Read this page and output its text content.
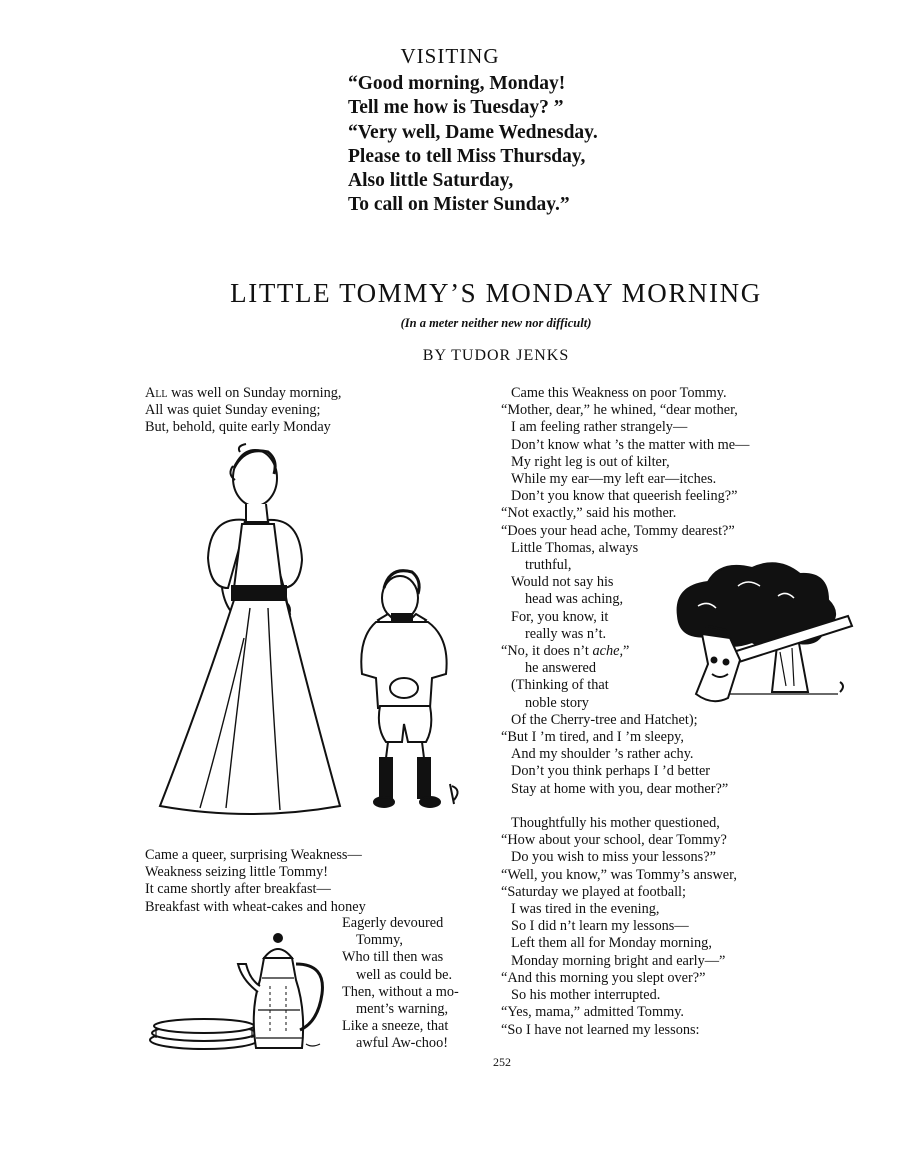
VISITING
“Good morning, Monday!
Tell me how is Tuesday? ”
“Very well, Dame Wednesday.
Please to tell Miss Thursday,
Also little Saturday,
To call on Mister Sunday.”
LITTLE TOMMY’S MONDAY MORNING
(In a meter neither new nor difficult)
BY TUDOR JENKS
All was well on Sunday morning,
All was quiet Sunday evening;
But, behold, quite early Monday
Came a queer, surprising Weakness—
Weakness seizing little Tommy!
It came shortly after breakfast—
Breakfast with wheat-cakes and honey
Eagerly devoured
Tommy,
Who till then was
well as could be.
Then, without a mo-
ment’s warning,
Like a sneeze, that
awful Aw-choo!
Came this Weakness on poor Tommy.
“Mother, dear,” he whined, “dear mother,
I am feeling rather strangely—
Don’t know what ’s the matter with me—
My right leg is out of kilter,
While my ear—my left ear—itches.
Don’t you know that queerish feeling?”
“Not exactly,” said his mother.
“Does your head ache, Tommy dearest?”
Little Thomas, always
truthful,
Would not say his
head was aching,
For, you know, it
really was n’t.
“No, it does n’t ache,”
he answered
(Thinking of that
noble story
Of the Cherry-tree and Hatchet);
“But I ’m tired, and I ’m sleepy,
And my shoulder ’s rather achy.
Don’t you think perhaps I ’d better
Stay at home with you, dear mother?”
Thoughtfully his mother questioned,
“How about your school, dear Tommy?
Do you wish to miss your lessons?”
“Well, you know,” was Tommy’s answer,
“Saturday we played at football;
I was tired in the evening,
So I did n’t learn my lessons—
Left them all for Monday morning,
Monday morning bright and early—”
“And this morning you slept over?”
So his mother interrupted.
“Yes, mama,” admitted Tommy.
“So I have not learned my lessons:
252
